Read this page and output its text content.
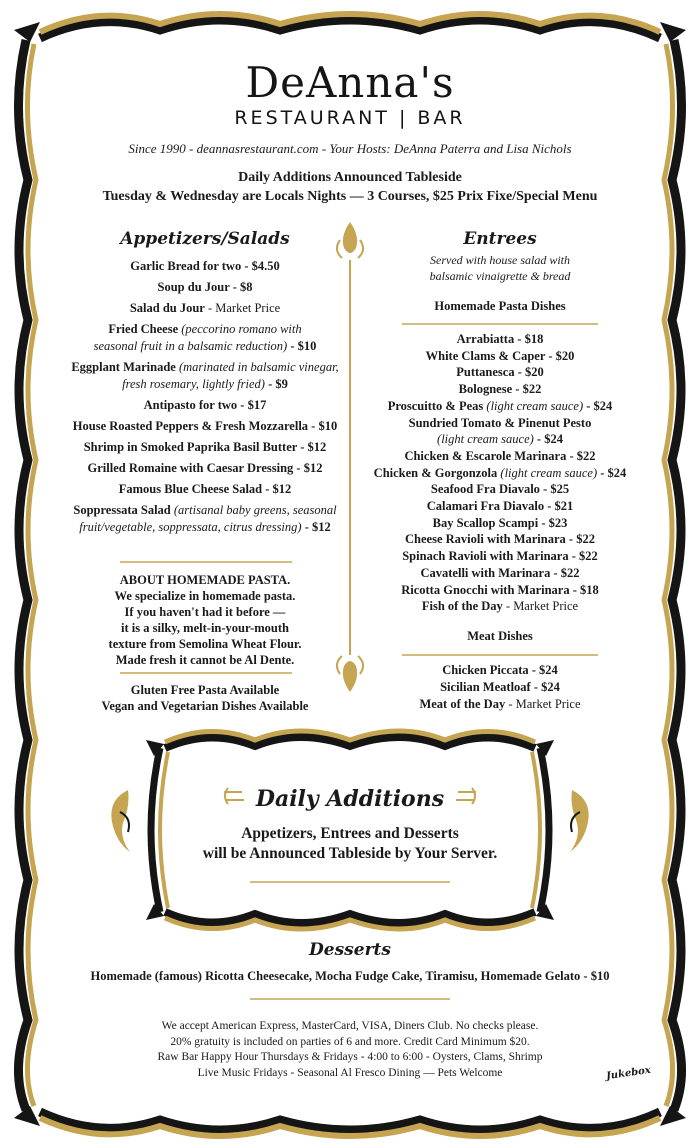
DeAnna's
RESTAURANT | BAR
Since 1990 - deannasrestaurant.com - Your Hosts: DeAnna Paterra and Lisa Nichols
Daily Additions Announced Tableside
Tuesday & Wednesday are Locals Nights — 3 Courses, $25 Prix Fixe/Special Menu
Appetizers/Salads
Garlic Bread for two - $4.50
Soup du Jour - $8
Salad du Jour - Market Price
Fried Cheese (peccorino romano with
seasonal fruit in a balsamic reduction) - $10
Eggplant Marinade (marinated in balsamic vinegar,
fresh rosemary, lightly fried) - $9
Antipasto for two - $17
House Roasted Peppers & Fresh Mozzarella - $10
Shrimp in Smoked Paprika Basil Butter - $12
Grilled Romaine with Caesar Dressing - $12
Famous Blue Cheese Salad - $12
Soppressata Salad (artisanal baby greens, seasonal
fruit/vegetable, soppressata, citrus dressing) - $12
ABOUT HOMEMADE PASTA.
We specialize in homemade pasta.
If you haven't had it before —
it is a silky, melt-in-your-mouth
texture from Semolina Wheat Flour.
Made fresh it cannot be Al Dente.
Gluten Free Pasta Available
Vegan and Vegetarian Dishes Available
Entrees
Served with house salad with
balsamic vinaigrette & bread
Homemade Pasta Dishes
Arrabiatta - $18
White Clams & Caper - $20
Puttanesca - $20
Bolognese - $22
Proscuitto & Peas (light cream sauce) - $24
Sundried Tomato & Pinenut Pesto
(light cream sauce) - $24
Chicken & Escarole Marinara - $22
Chicken & Gorgonzola (light cream sauce) - $24
Seafood Fra Diavalo - $25
Calamari Fra Diavalo - $21
Bay Scallop Scampi - $23
Cheese Ravioli with Marinara - $22
Spinach Ravioli with Marinara - $22
Cavatelli with Marinara - $22
Ricotta Gnocchi with Marinara - $18
Fish of the Day - Market Price
Meat Dishes
Chicken Piccata - $24
Sicilian Meatloaf - $24
Meat of the Day - Market Price
Daily Additions
Appetizers, Entrees and Desserts
will be Announced Tableside by Your Server.
Desserts
Homemade (famous) Ricotta Cheesecake, Mocha Fudge Cake, Tiramisu, Homemade Gelato - $10
We accept American Express, MasterCard, VISA, Diners Club. No checks please.
20% gratuity is included on parties of 6 and more. Credit Card Minimum $20.
Raw Bar Happy Hour Thursdays & Fridays - 4:00 to 6:00 - Oysters, Clams, Shrimp
Live Music Fridays - Seasonal Al Fresco Dining — Pets Welcome	Jukebox
